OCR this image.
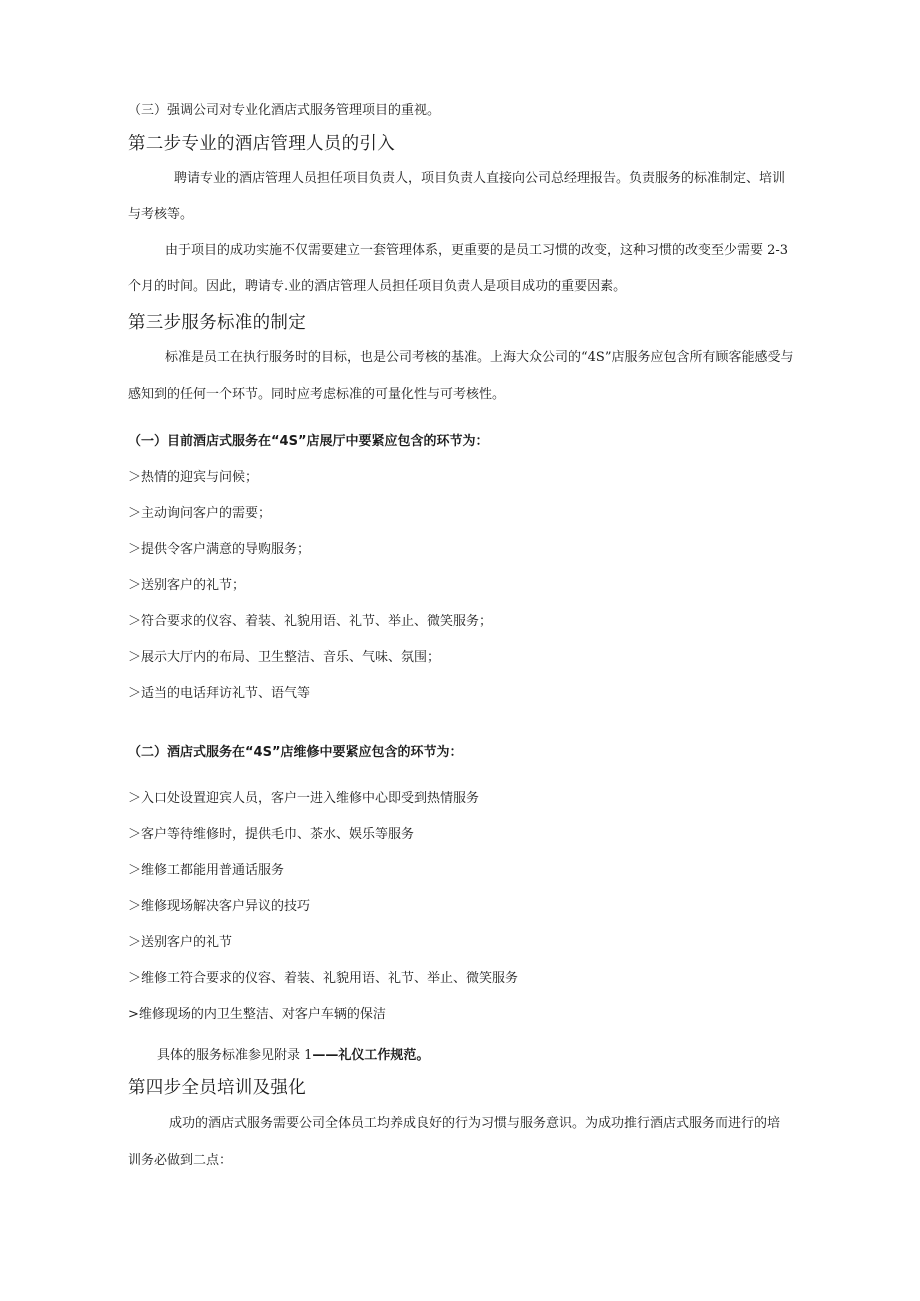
（三）强调公司对专业化酒店式服务管理项目的重视。
第二步专业的酒店管理人员的引入
聘请专业的酒店管理人员担任项目负责人，项目负责人直接向公司总经理报告。负责服务的标准制定、培训
与考核等。
由于项目的成功实施不仅需要建立一套管理体系，更重要的是员工习惯的改变，这种习惯的改变至少需要 2-3
个月的时间。因此，聘请专.业的酒店管理人员担任项目负责人是项目成功的重要因素。
第三步服务标准的制定
标准是员工在执行服务时的目标，也是公司考核的基准。上海大众公司的“4S”店服务应包含所有顾客能感受与
感知到的任何一个环节。同时应考虑标准的可量化性与可考核性。
（一）目前酒店式服务在“4S”店展厅中要紧应包含的环节为：
＞热情的迎宾与问候；
＞主动询问客户的需要；
＞提供令客户满意的导购服务；
＞送别客户的礼节；
＞符合要求的仪容、着装、礼貌用语、礼节、举止、微笑服务；
＞展示大厅内的布局、卫生整洁、音乐、气味、氛围；
＞适当的电话拜访礼节、语气等
（二）酒店式服务在“4S”店维修中要紧应包含的环节为：
＞入口处设置迎宾人员，客户一进入维修中心即受到热情服务
＞客户等待维修时，提供毛巾、茶水、娱乐等服务
＞维修工都能用普通话服务
＞维修现场解决客户异议的技巧
＞送别客户的礼节
＞维修工符合要求的仪容、着装、礼貌用语、礼节、举止、微笑服务
>维修现场的内卫生整洁、对客户车辆的保洁
具体的服务标准参见附录 1——礼仪工作规范。
第四步全员培训及强化
成功的酒店式服务需要公司全体员工均养成良好的行为习惯与服务意识。为成功推行酒店式服务而进行的培
训务必做到二点：
